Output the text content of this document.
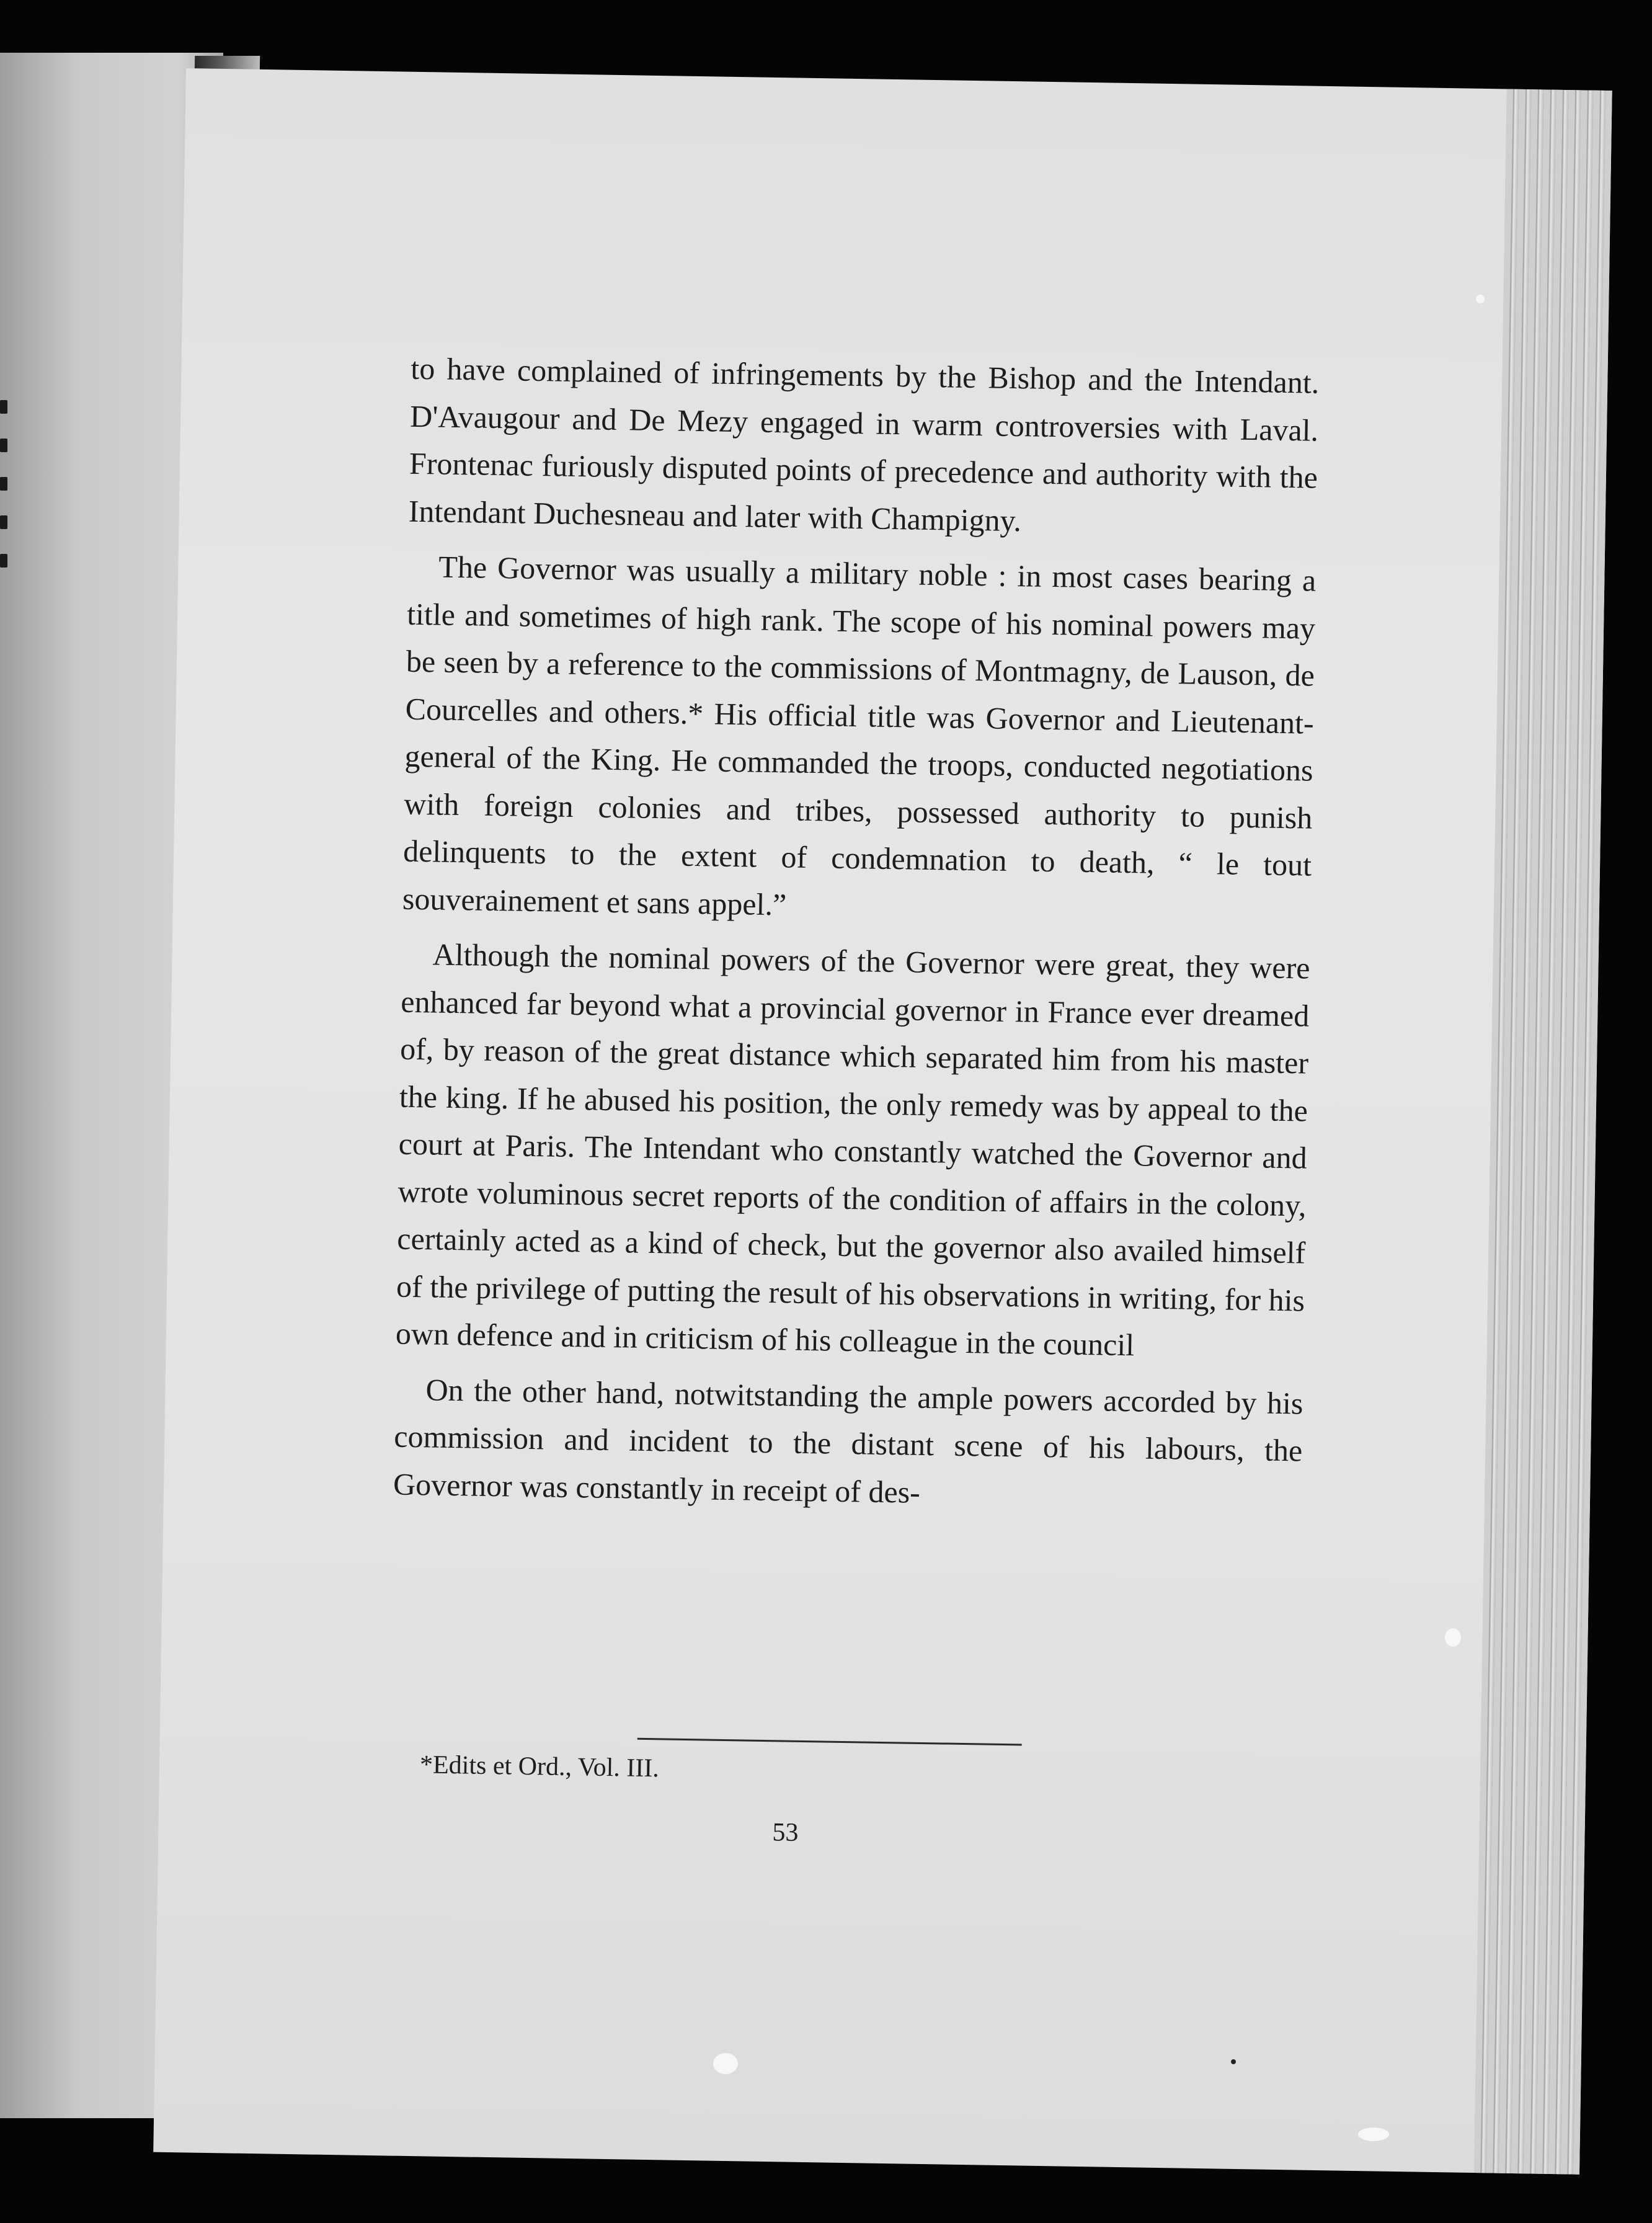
to have complained of infringements by the Bishop and the Intendant. D'Avaugour and De Mezy engaged in warm controversies with Laval. Frontenac furiously disputed points of precedence and authority with the Intendant Duchesneau and later with Champigny.

The Governor was usually a military noble : in most cases bearing a title and sometimes of high rank. The scope of his nominal powers may be seen by a reference to the commissions of Montmagny, de Lauson, de Courcelles and others.* His official title was Governor and Lieutenant-general of the King. He commanded the troops, conducted negotiations with foreign colonies and tribes, possessed authority to punish delinquents to the extent of condemnation to death, “ le tout souverainement et sans appel.”

Although the nominal powers of the Governor were great, they were enhanced far beyond what a provincial governor in France ever dreamed of, by reason of the great distance which separated him from his master the king. If he abused his position, the only remedy was by appeal to the court at Paris. The Intendant who constantly watched the Governor and wrote voluminous secret reports of the condition of affairs in the colony, certainly acted as a kind of check, but the governor also availed himself of the privilege of putting the result of his observations in writing, for his own defence and in criticism of his colleague in the council

On the other hand, notwitstanding the ample powers accorded by his commission and incident to the distant scene of his labours, the Governor was constantly in receipt of des-

*Edits et Ord., Vol. III.
53
